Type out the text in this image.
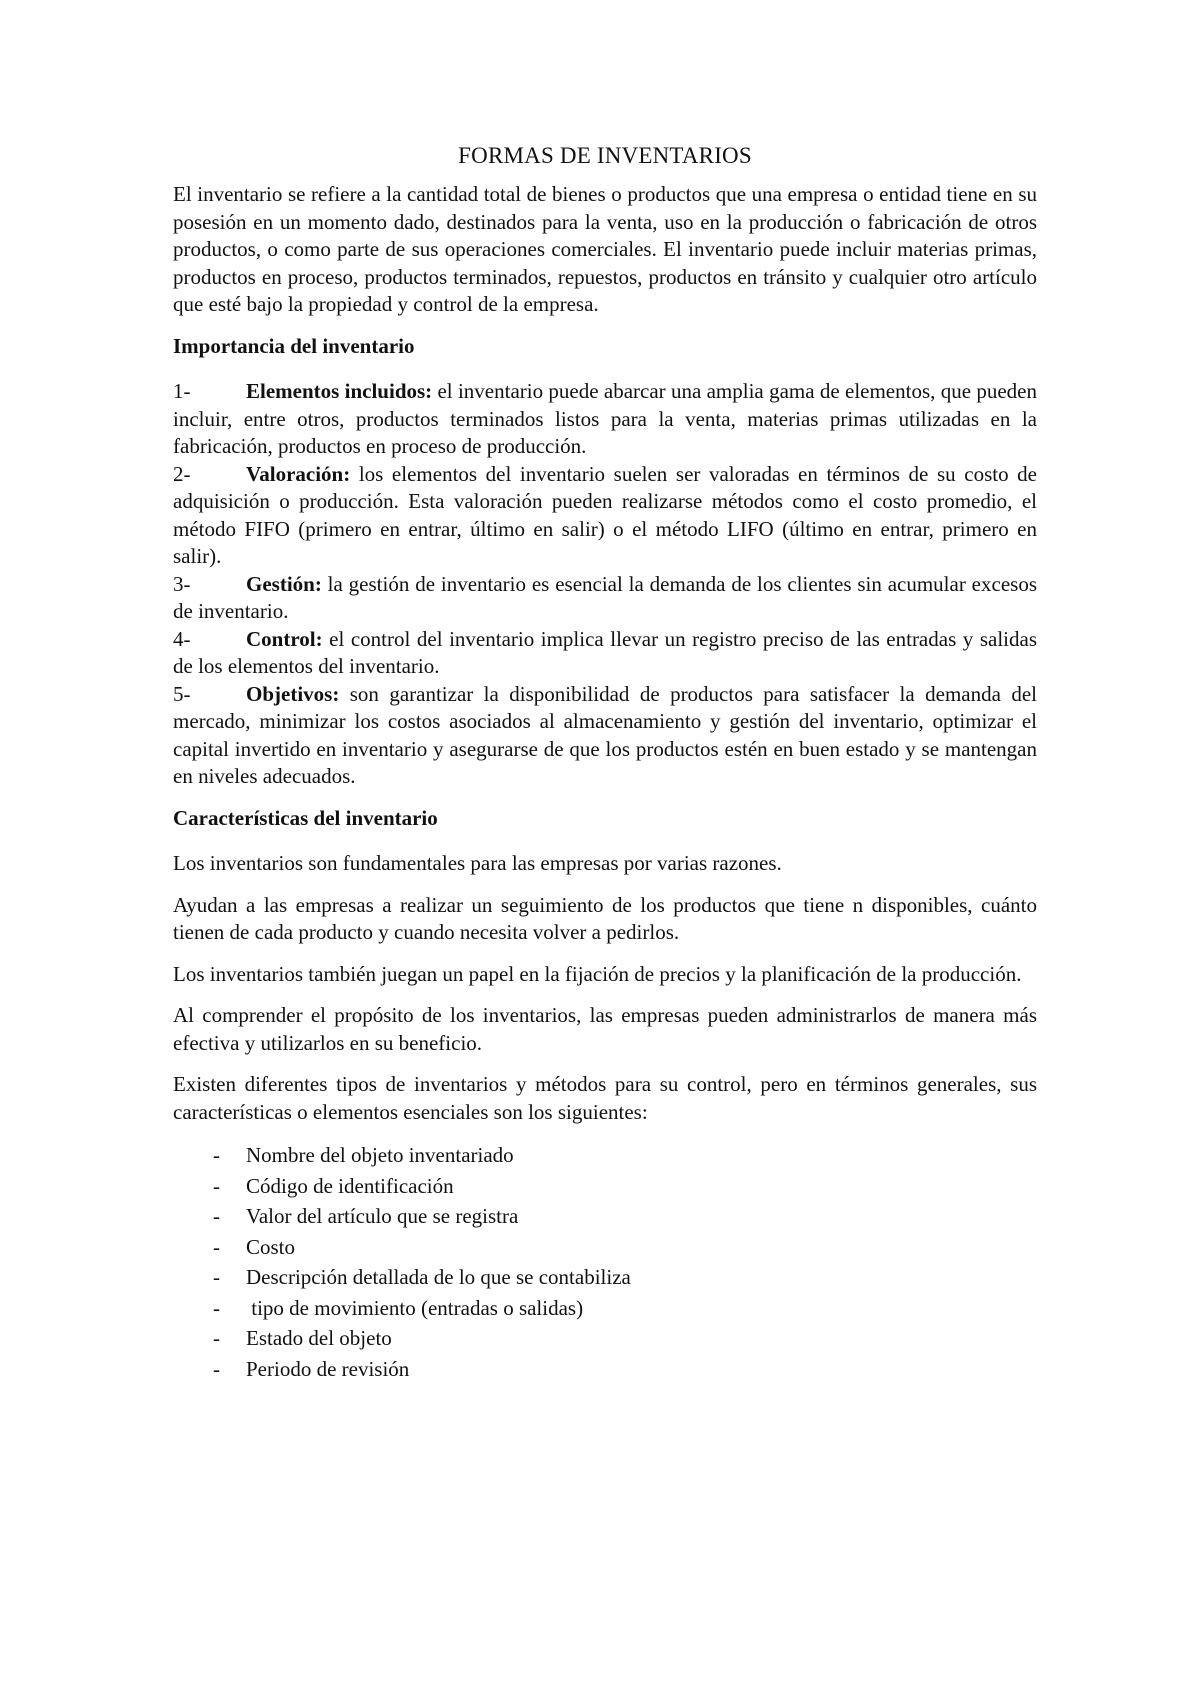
FORMAS DE INVENTARIOS

El inventario se refiere a la cantidad total de bienes o productos que una empresa o entidad tiene en su posesión en un momento dado, destinados para la venta, uso en la producción o fabricación de otros productos, o como parte de sus operaciones comerciales. El inventario puede incluir materias primas, productos en proceso, productos terminados, repuestos, productos en tránsito y cualquier otro artículo que esté bajo la propiedad y control de la empresa.

Importancia del inventario
1-	Elementos incluidos: el inventario puede abarcar una amplia gama de elementos, que pueden incluir, entre otros, productos terminados listos para la venta, materias primas utilizadas en la fabricación, productos en proceso de producción.
2-	Valoración: los elementos del inventario suelen ser valoradas en términos de su costo de adquisición o producción. Esta valoración pueden realizarse métodos como el costo promedio, el método FIFO (primero en entrar, último en salir) o el método LIFO (último en entrar, primero en salir).
3-	Gestión: la gestión de inventario es esencial la demanda de los clientes sin acumular excesos de inventario.
4-	Control: el control del inventario implica llevar un registro preciso de las entradas y salidas de los elementos del inventario.
5-	Objetivos: son garantizar la disponibilidad de productos para satisfacer la demanda del mercado, minimizar los costos asociados al almacenamiento y gestión del inventario, optimizar el capital invertido en inventario y asegurarse de que los productos estén en buen estado y se mantengan en niveles adecuados.
Características del inventario

Los inventarios son fundamentales para las empresas por varias razones.

Ayudan a las empresas a realizar un seguimiento de los productos que tiene n disponibles, cuánto tienen de cada producto y cuando necesita volver a pedirlos.

Los inventarios también juegan un papel en la fijación de precios y la planificación de la producción.

Al comprender el propósito de los inventarios, las empresas pueden administrarlos de manera más efectiva y utilizarlos en su beneficio.

Existen diferentes tipos de inventarios y métodos para su control, pero en términos generales, sus características o elementos esenciales son los siguientes:

- Nombre del objeto inventariado
- Código de identificación
- Valor del artículo que se registra
- Costo
- Descripción detallada de lo que se contabiliza
- tipo de movimiento (entradas o salidas)
- Estado del objeto
- Periodo de revisión
